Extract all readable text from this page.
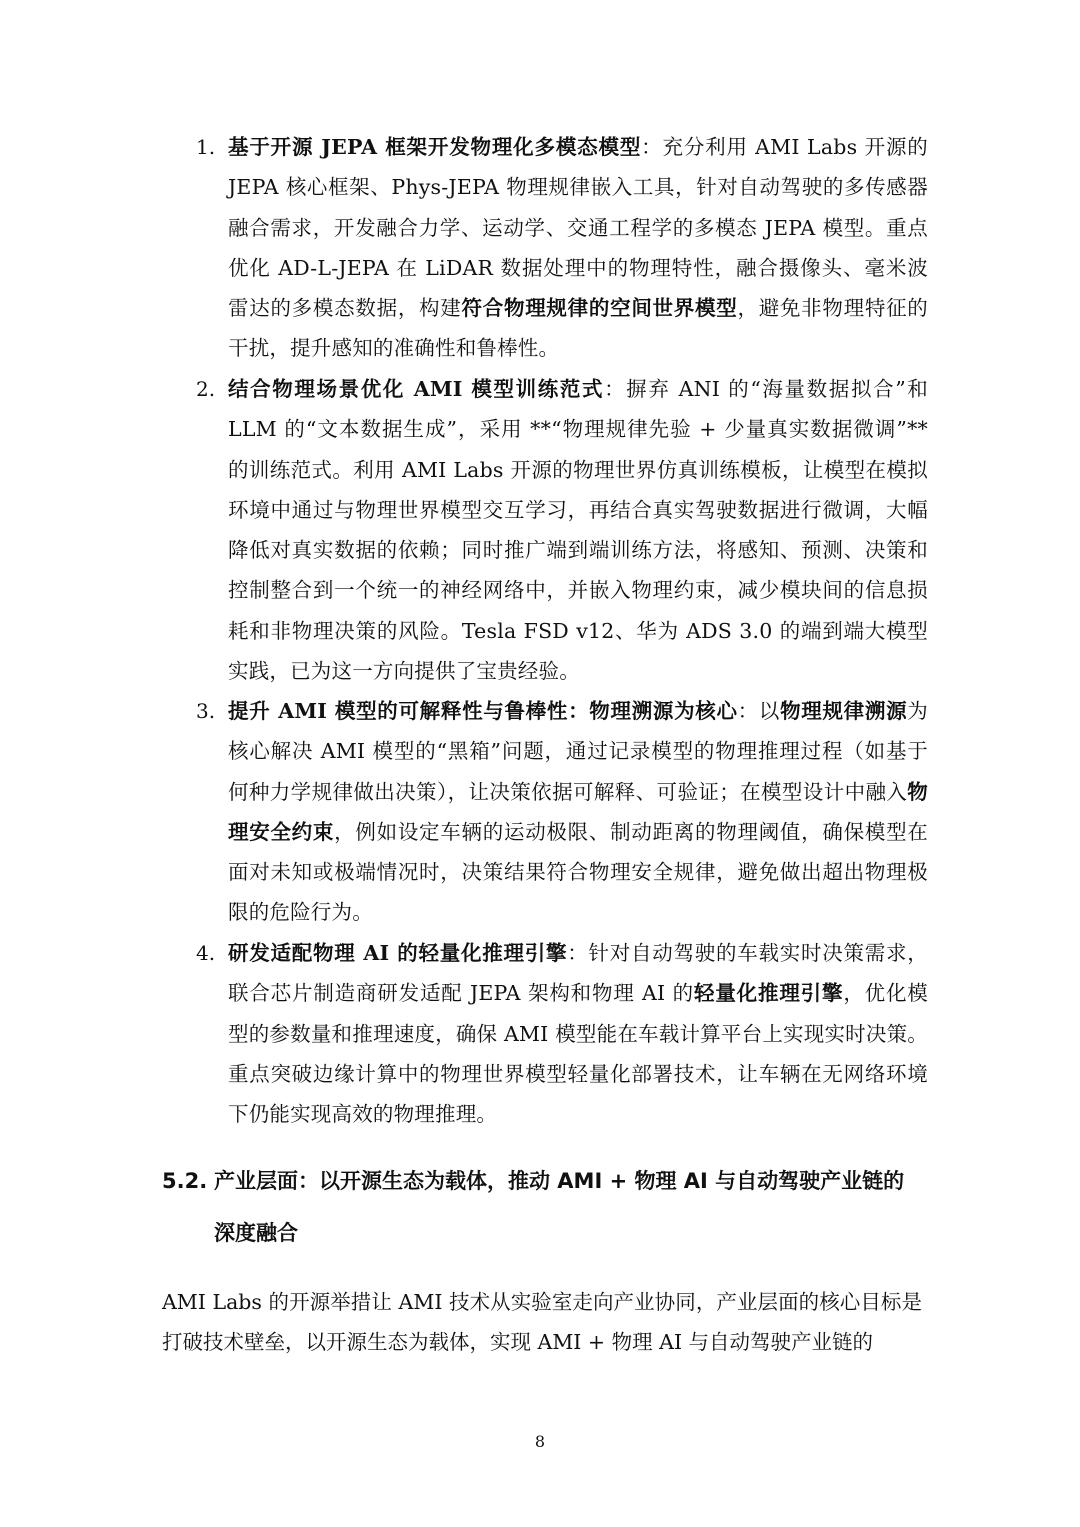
1. 基于开源 JEPA 框架开发物理化多模态模型：充分利用 AMI Labs 开源的 JEPA 核心框架、Phys-JEPA 物理规律嵌入工具，针对自动驾驶的多传感器融合需求，开发融合力学、运动学、交通工程学的多模态 JEPA 模型。重点优化 AD-L-JEPA 在 LiDAR 数据处理中的物理特性，融合摄像头、毫米波雷达的多模态数据，构建符合物理规律的空间世界模型，避免非物理特征的干扰，提升感知的准确性和鲁棒性。
2. 结合物理场景优化 AMI 模型训练范式：摒弃 ANI 的“海量数据拟合”和 LLM 的“文本数据生成”，采用 **“物理规律先验 + 少量真实数据微调”** 的训练范式。利用 AMI Labs 开源的物理世界仿真训练模板，让模型在模拟环境中通过与物理世界模型交互学习，再结合真实驾驶数据进行微调，大幅降低对真实数据的依赖；同时推广端到端训练方法，将感知、预测、决策和控制整合到一个统一的神经网络中，并嵌入物理约束，减少模块间的信息损耗和非物理决策的风险。Tesla FSD v12、华为 ADS 3.0 的端到端大模型实践，已为这一方向提供了宝贵经验。
3. 提升 AMI 模型的可解释性与鲁棒性：物理溯源为核心：以物理规律溯源为核心解决 AMI 模型的“黑箱”问题，通过记录模型的物理推理过程（如基于何种力学规律做出决策），让决策依据可解释、可验证；在模型设计中融入物理安全约束，例如设定车辆的运动极限、制动距离的物理阈值，确保模型在面对未知或极端情况时，决策结果符合物理安全规律，避免做出超出物理极限的危险行为。
4. 研发适配物理 AI 的轻量化推理引擎：针对自动驾驶的车载实时决策需求，联合芯片制造商研发适配 JEPA 架构和物理 AI 的轻量化推理引擎，优化模型的参数量和推理速度，确保 AMI 模型能在车载计算平台上实现实时决策。重点突破边缘计算中的物理世界模型轻量化部署技术，让车辆在无网络环境下仍能实现高效的物理推理。
5.2. 产业层面：以开源生态为载体，推动 AMI + 物理 AI 与自动驾驶产业链的
深度融合
AMI Labs 的开源举措让 AMI 技术从实验室走向产业协同，产业层面的核心目标是打破技术壁垒，以开源生态为载体，实现 AMI + 物理 AI 与自动驾驶产业链的
8
